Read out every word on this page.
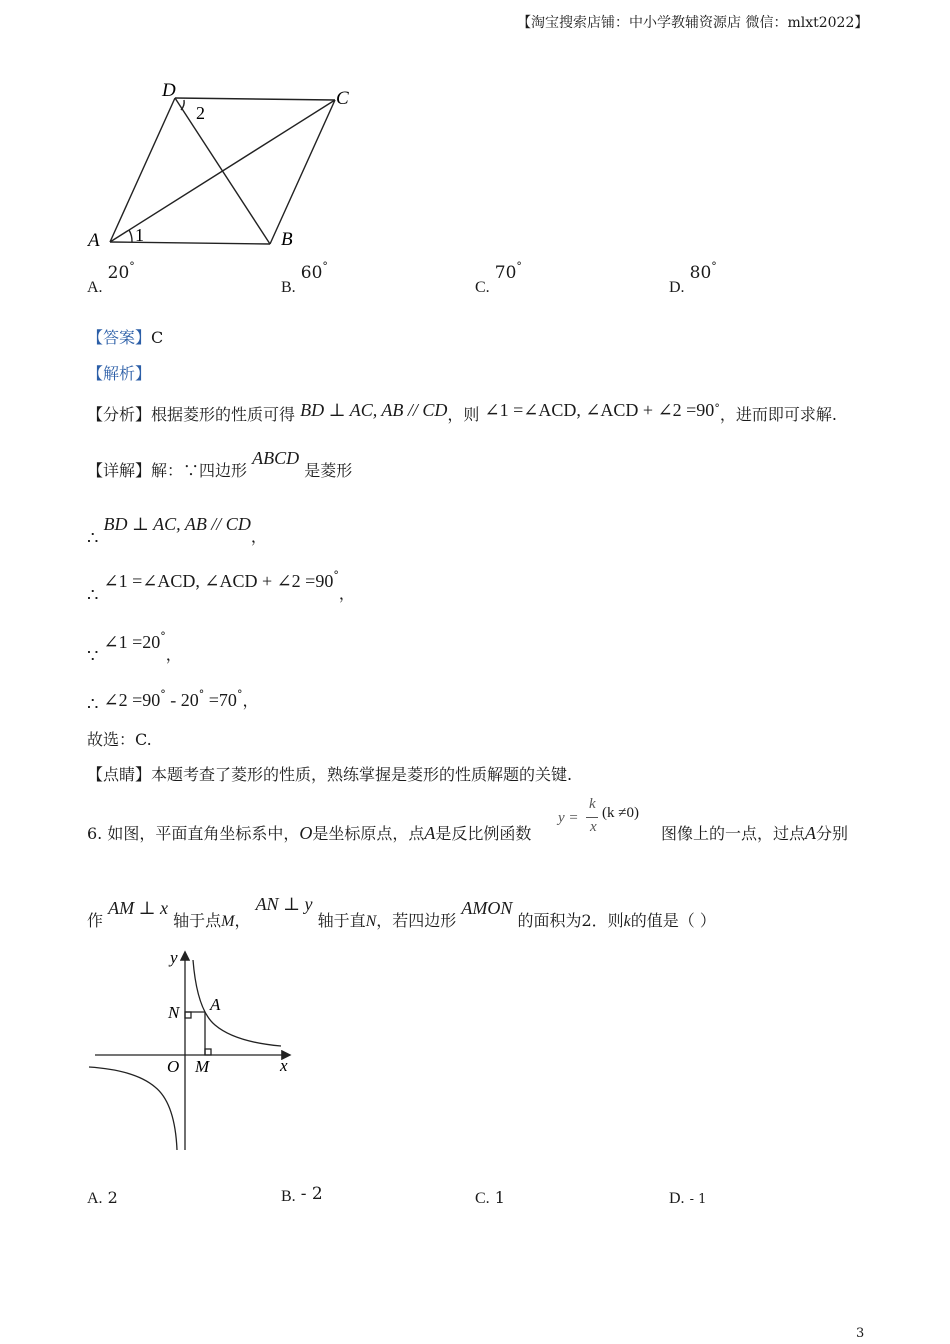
【淘宝搜索店铺：中小学教辅资源店 微信：mlxt2022】
D	C
A	B
1
2
A. 20°
B. 60°
C. 70°
D. 80°
【答案】C
【解析】
【分析】根据菱形的性质可得 BD ⊥ AC, AB // CD，则 ∠1 =∠ACD, ∠ACD + ∠2 =90°，进而即可求解.
【详解】解：∵四边形 ABCD 是菱形
∴ BD ⊥ AC, AB // CD，
∴ ∠1 =∠ACD, ∠ACD + ∠2 =90°，
∵ ∠1 =20°，
∴ ∠2 =90° - 20° =70°，
故选：C.
【点睛】本题考查了菱形的性质，熟练掌握是菱形的性质解题的关键.
6. 如图，平面直角坐标系中，O是坐标原点，点A是反比例函数
y =
k
x
(k ≠0)
图像上的一点，过点A分别
作 AM ⊥ x 轴于点M， AN ⊥ y 轴于直N，若四边形 AMON 的面积为2．则k的值是（ ）
y
x
O M
N A
A. 2	B. - 2	C. 1	D. - 1
3
